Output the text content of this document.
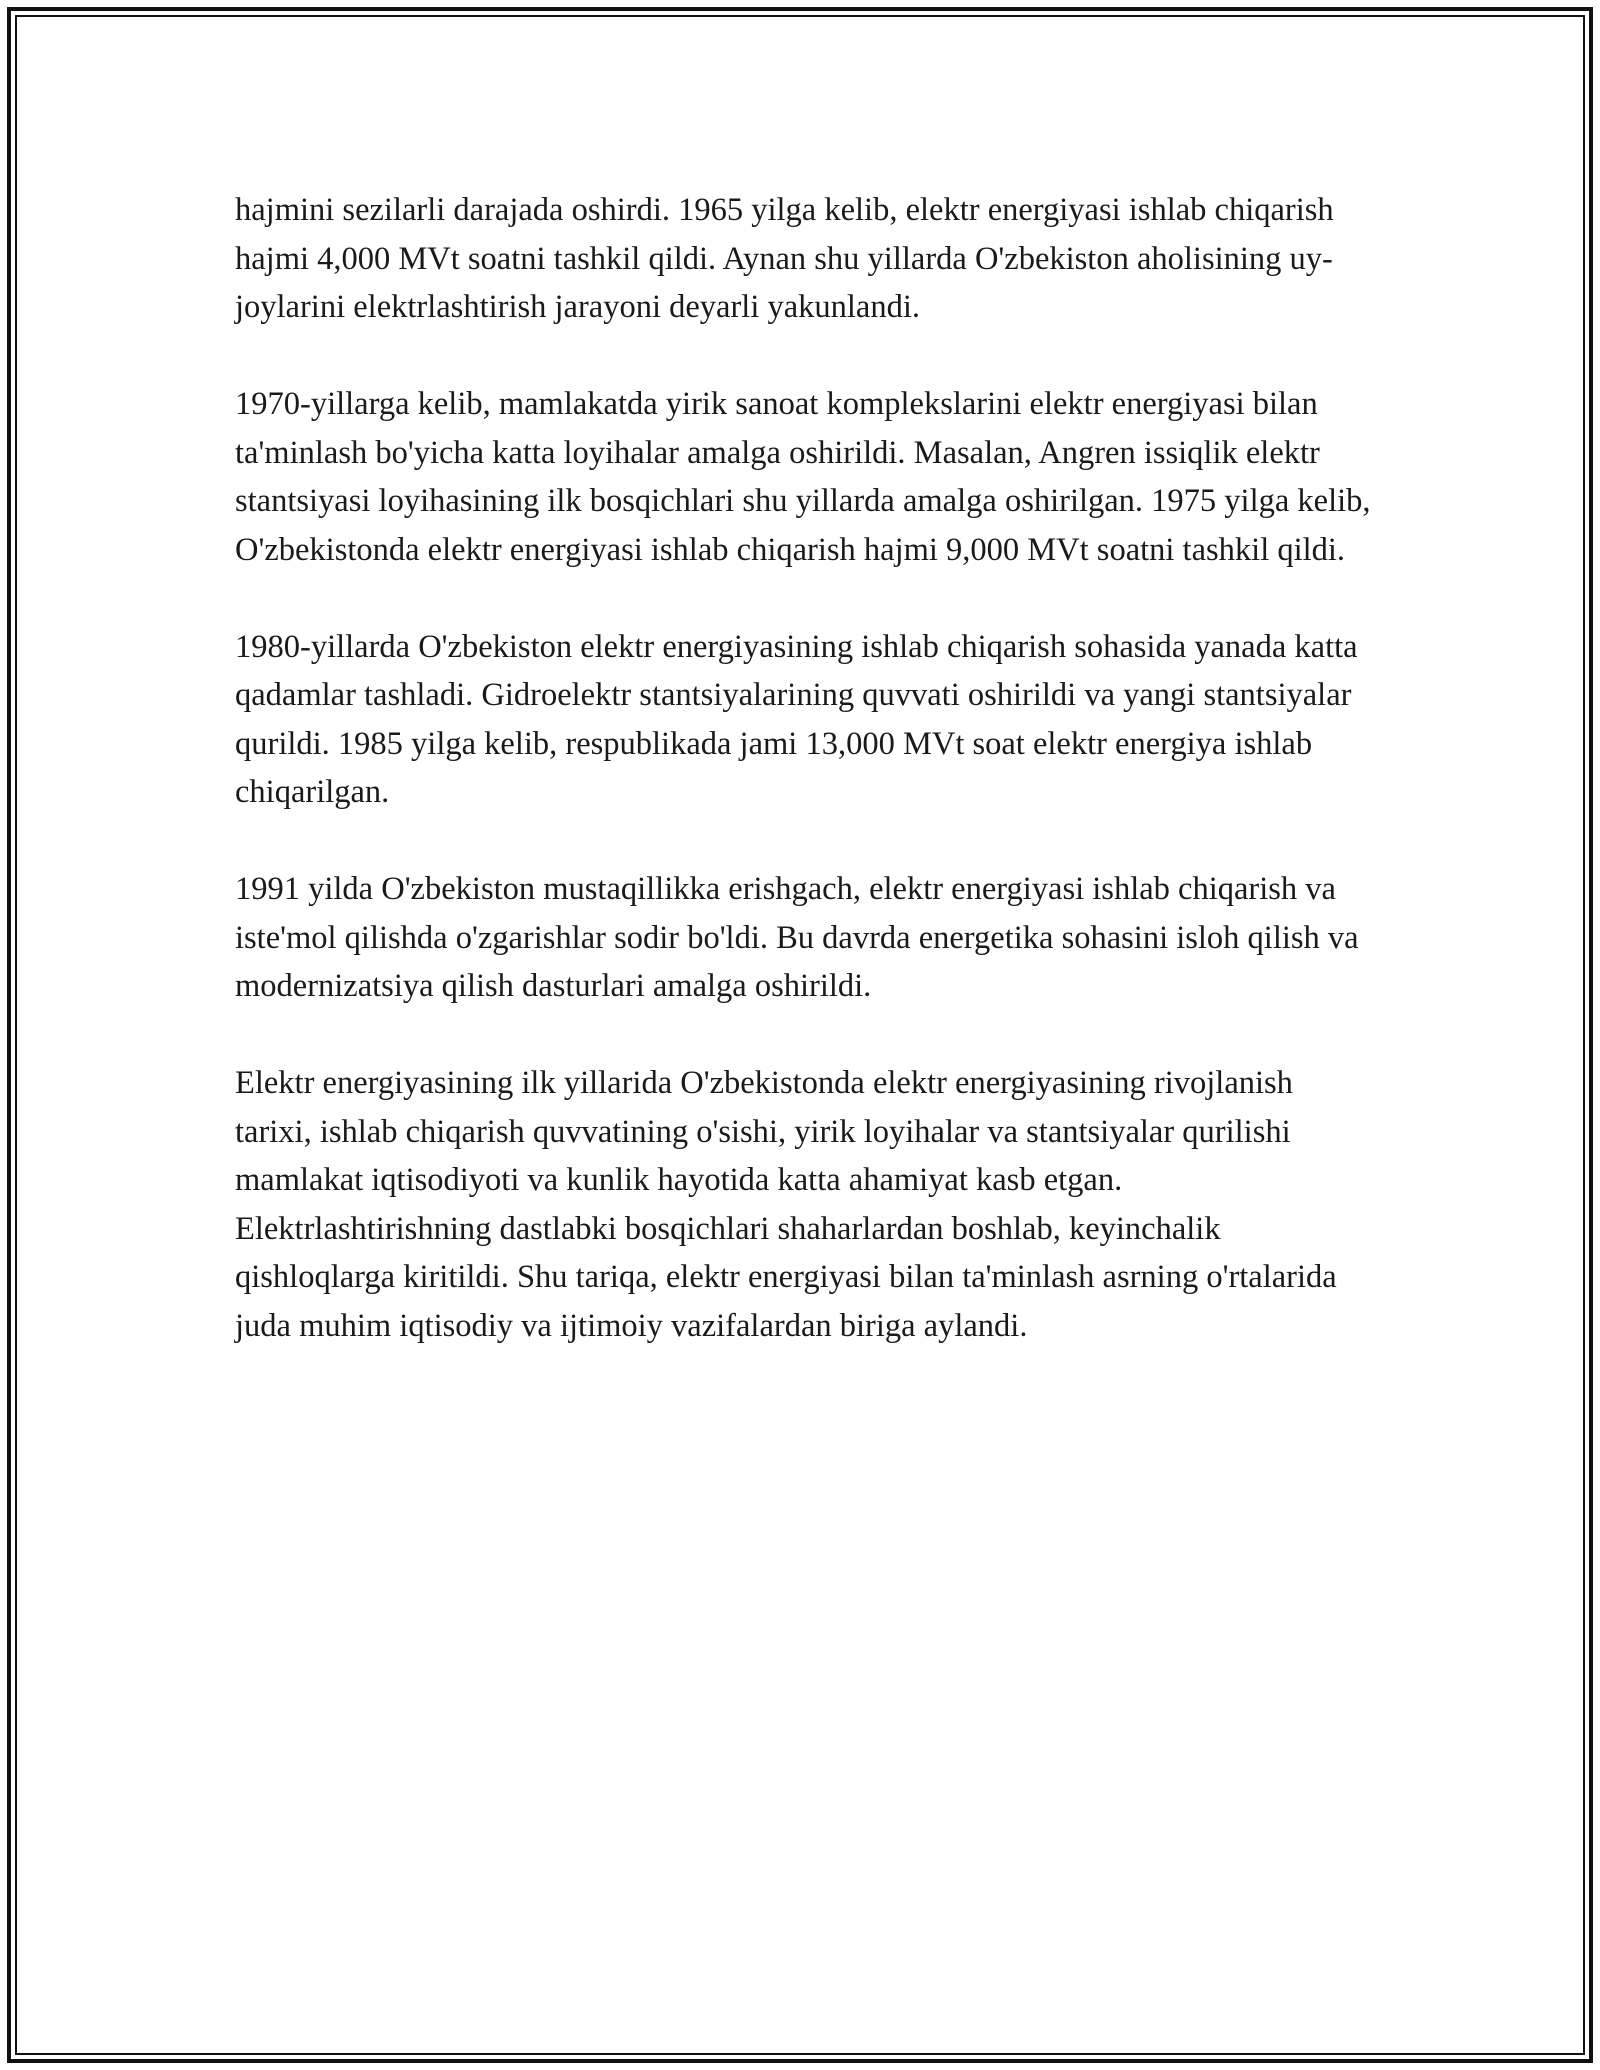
hajmini sezilarli darajada oshirdi. 1965 yilga kelib, elektr energiyasi ishlab chiqarish hajmi 4,000 MVt soatni tashkil qildi. Aynan shu yillarda O'zbekiston aholisining uy-joylarini elektrlashtirish jarayoni deyarli yakunlandi.

1970-yillarga kelib, mamlakatda yirik sanoat komplekslarini elektr energiyasi bilan ta'minlash bo'yicha katta loyihalar amalga oshirildi. Masalan, Angren issiqlik elektr stantsiyasi loyihasining ilk bosqichlari shu yillarda amalga oshirilgan. 1975 yilga kelib, O'zbekistonda elektr energiyasi ishlab chiqarish hajmi 9,000 MVt soatni tashkil qildi.

1980-yillarda O'zbekiston elektr energiyasining ishlab chiqarish sohasida yanada katta qadamlar tashladi. Gidroelektr stantsiyalarining quvvati oshirildi va yangi stantsiyalar qurildi. 1985 yilga kelib, respublikada jami 13,000 MVt soat elektr energiya ishlab chiqarilgan.

1991 yilda O'zbekiston mustaqillikka erishgach, elektr energiyasi ishlab chiqarish va iste'mol qilishda o'zgarishlar sodir bo'ldi. Bu davrda energetika sohasini isloh qilish va modernizatsiya qilish dasturlari amalga oshirildi.

Elektr energiyasining ilk yillarida O'zbekistonda elektr energiyasining rivojlanish tarixi, ishlab chiqarish quvvatining o'sishi, yirik loyihalar va stantsiyalar qurilishi mamlakat iqtisodiyoti va kunlik hayotida katta ahamiyat kasb etgan. Elektrlashtirishning dastlabki bosqichlari shaharlardan boshlab, keyinchalik qishloqlarga kiritildi. Shu tariqa, elektr energiyasi bilan ta'minlash asrning o'rtalarida juda muhim iqtisodiy va ijtimoiy vazifalardan biriga aylandi.
